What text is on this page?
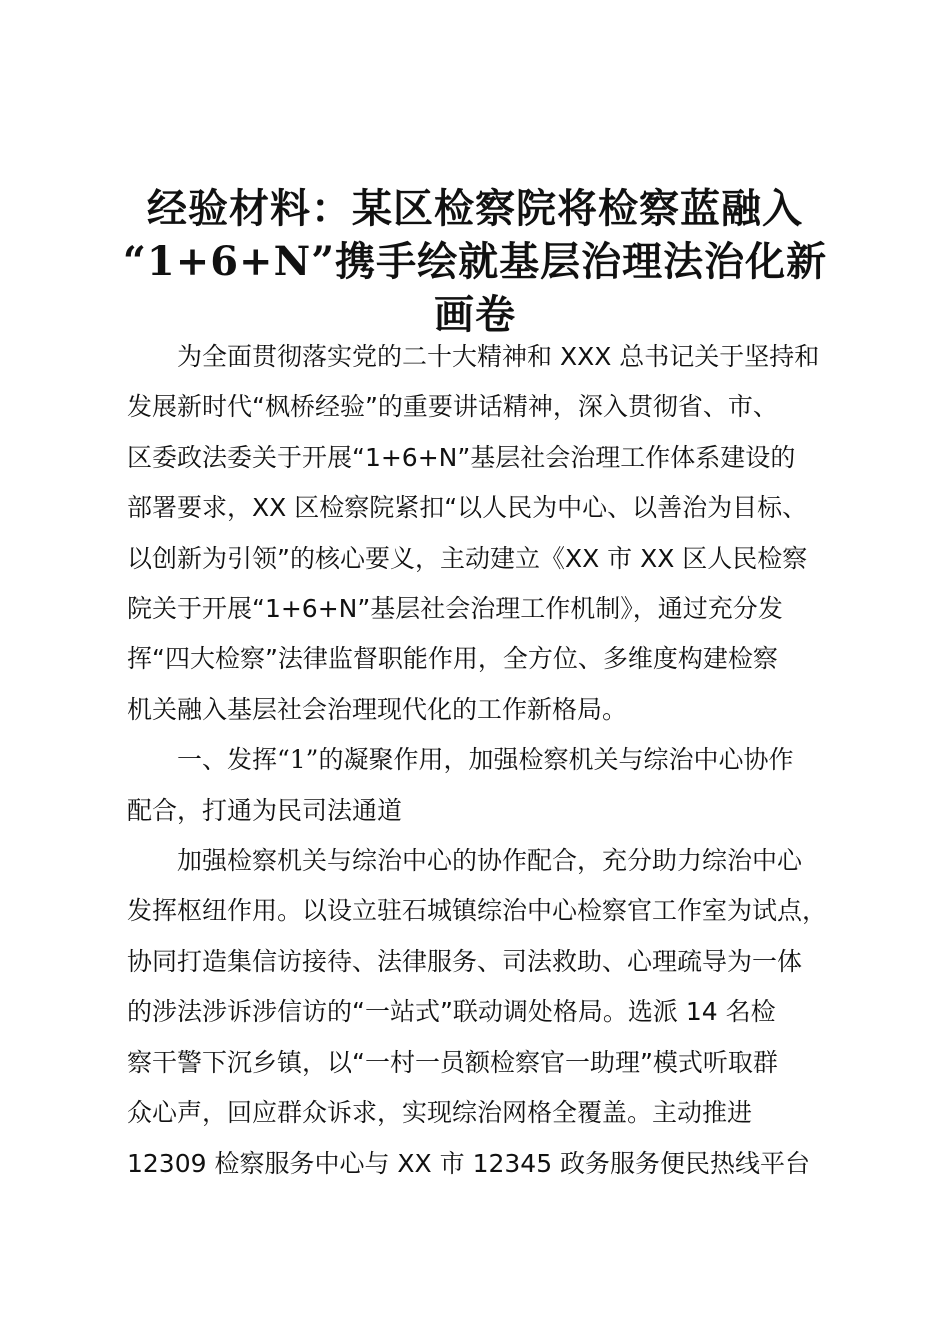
经验材料：某区检察院将检察蓝融入
“1+6+N”携手绘就基层治理法治化新
画卷

为全面贯彻落实党的二十大精神和 XXX 总书记关于坚持和
发展新时代“枫桥经验”的重要讲话精神，深入贯彻省、市、
区委政法委关于开展“1+6+N”基层社会治理工作体系建设的
部署要求，XX 区检察院紧扣“以人民为中心、以善治为目标、
以创新为引领”的核心要义，主动建立《XX 市 XX 区人民检察
院关于开展“1+6+N”基层社会治理工作机制》，通过充分发
挥“四大检察”法律监督职能作用，全方位、多维度构建检察
机关融入基层社会治理现代化的工作新格局。

一、发挥“1”的凝聚作用，加强检察机关与综治中心协作
配合，打通为民司法通道

加强检察机关与综治中心的协作配合，充分助力综治中心
发挥枢纽作用。以设立驻石城镇综治中心检察官工作室为试点，
协同打造集信访接待、法律服务、司法救助、心理疏导为一体
的涉法涉诉涉信访的“一站式”联动调处格局。选派 14 名检
察干警下沉乡镇，以“一村一员额检察官一助理”模式听取群
众心声，回应群众诉求，实现综治网格全覆盖。主动推进
12309 检察服务中心与 XX 市 12345 政务服务便民热线平台
